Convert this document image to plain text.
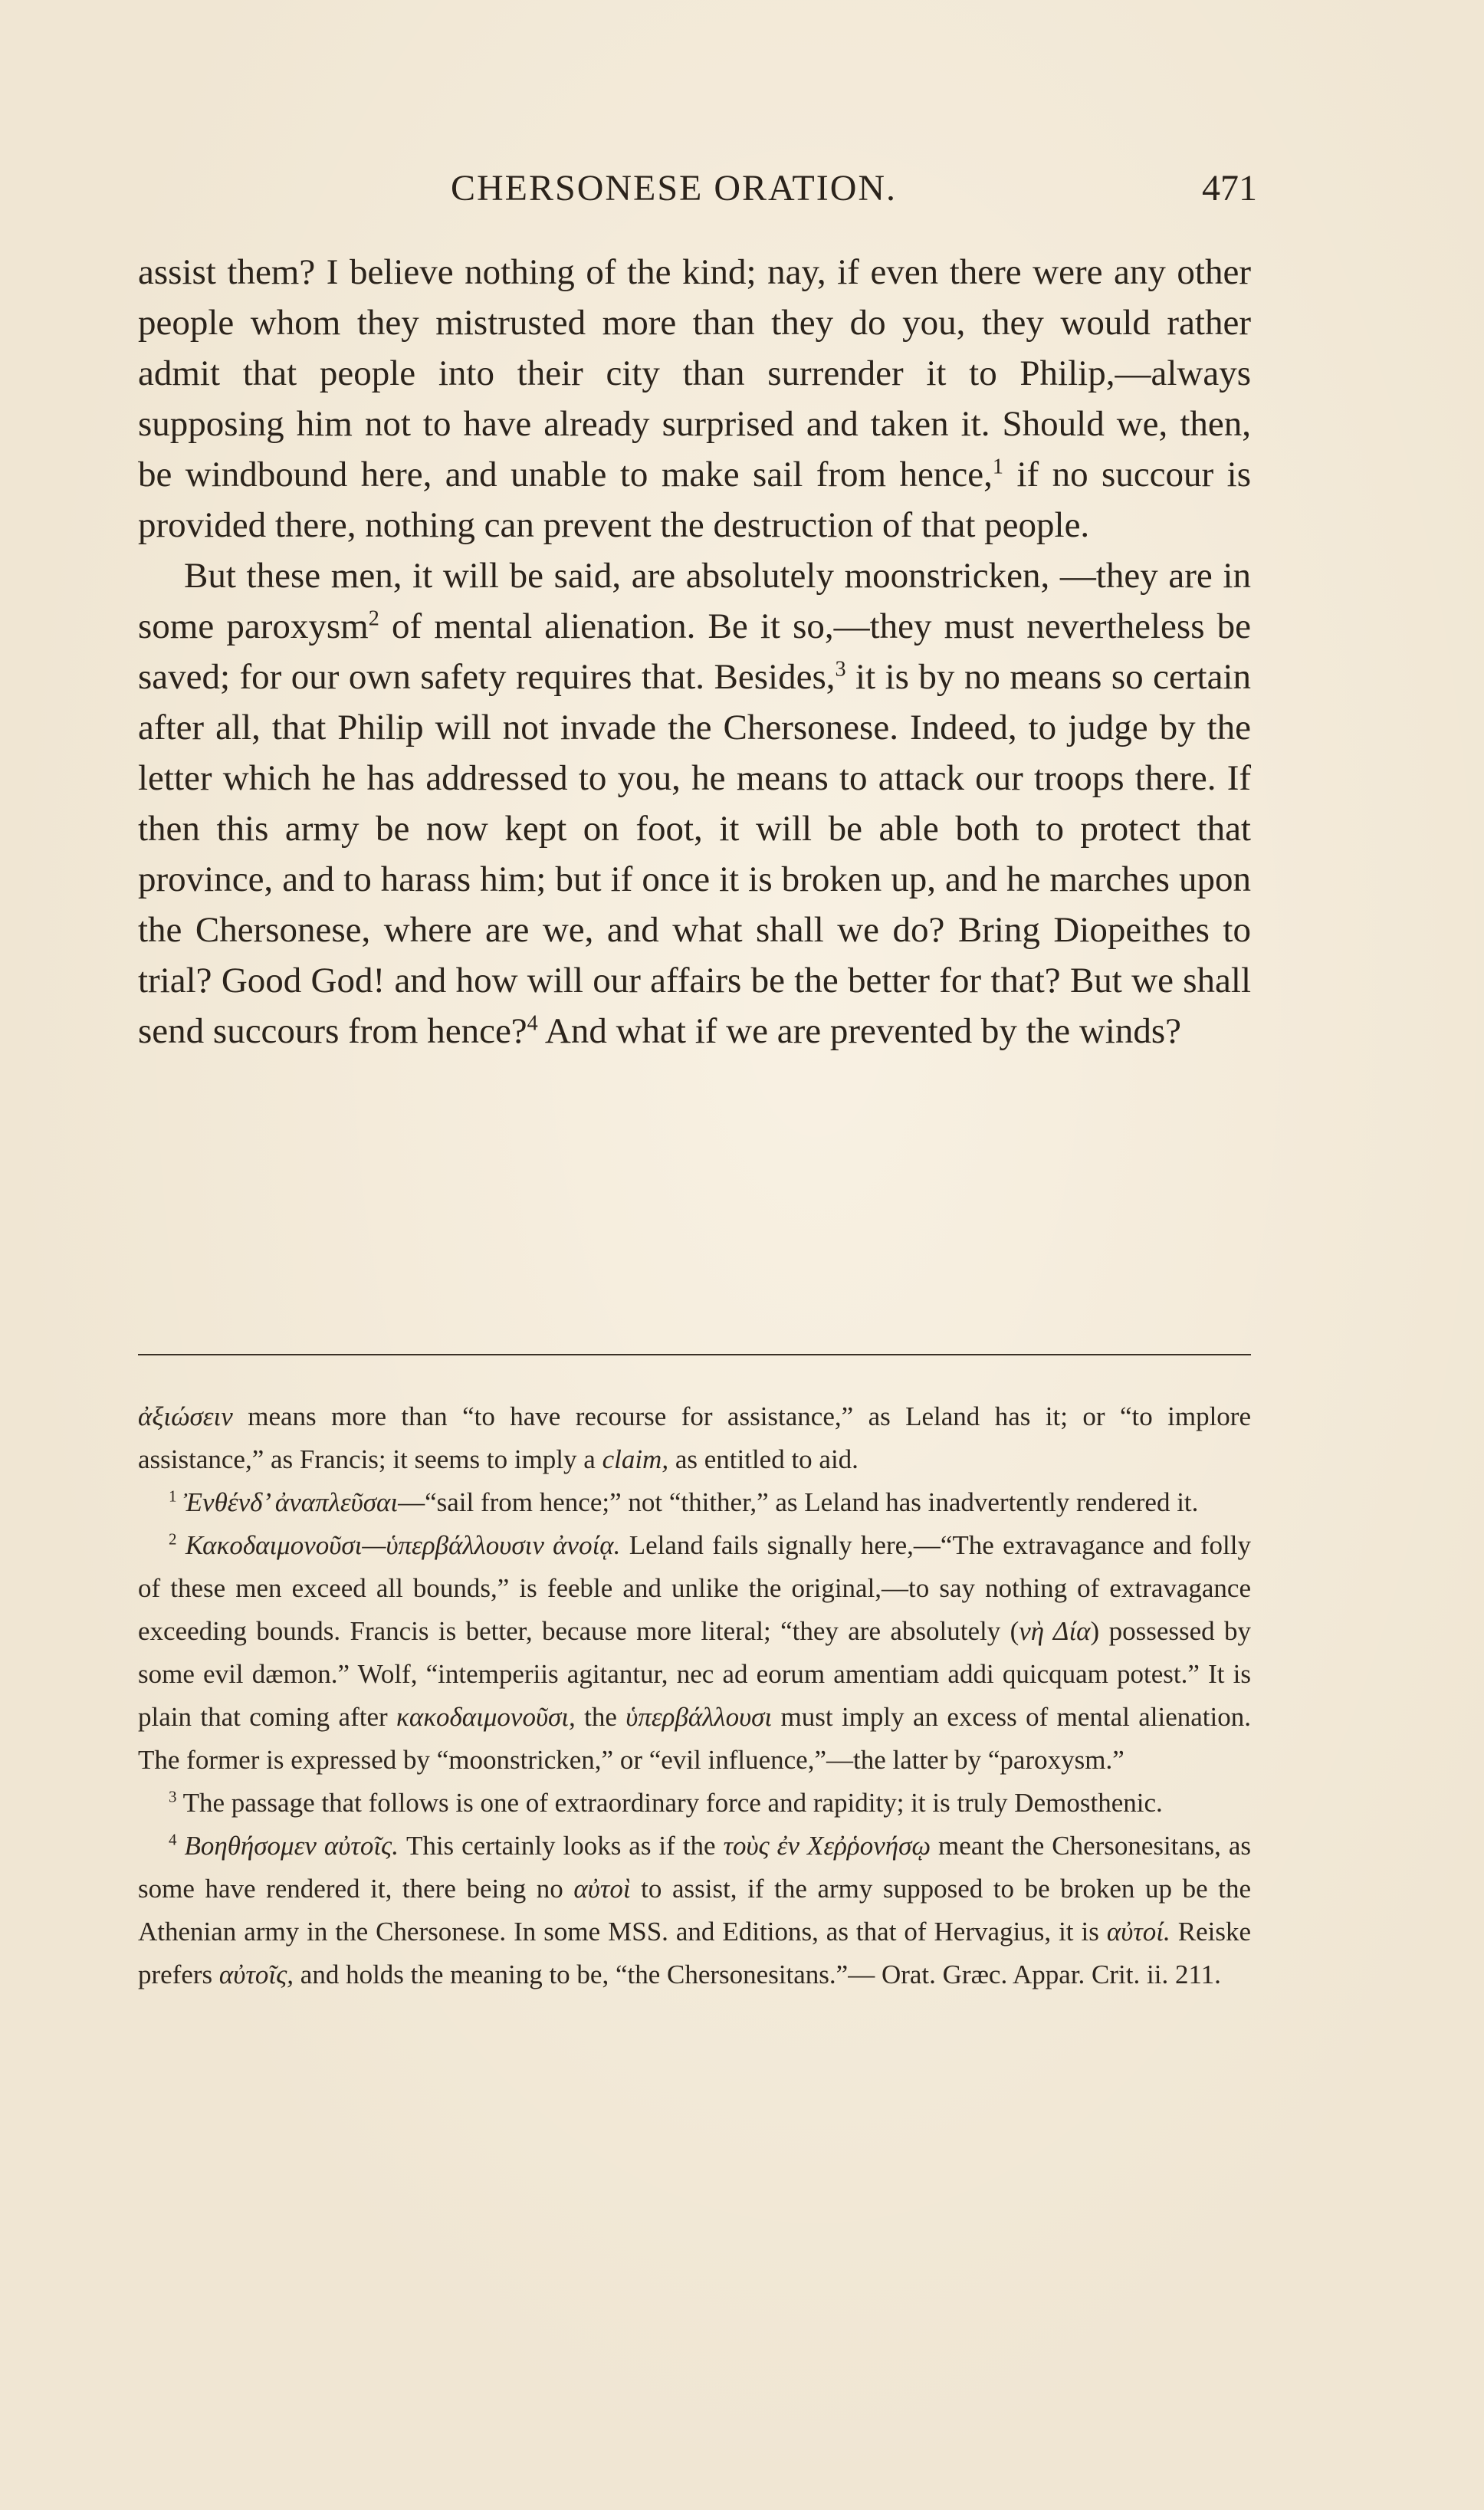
CHERSONESE ORATION.	471

assist them? I believe nothing of the kind; nay, if even there were any other people whom they mistrusted more than they do you, they would rather admit that people into their city than surrender it to Philip,—always supposing him not to have already surprised and taken it. Should we, then, be windbound here, and unable to make sail from hence,$^1$ if no succour is provided there, nothing can prevent the destruction of that people.

But these men, it will be said, are absolutely moonstricken, —they are in some paroxysm$^2$ of mental alienation. Be it so,—they must nevertheless be saved; for our own safety requires that. Besides,$^3$ it is by no means so certain after all, that Philip will not invade the Chersonese. Indeed, to judge by the letter which he has addressed to you, he means to attack our troops there. If then this army be now kept on foot, it will be able both to protect that province, and to harass him; but if once it is broken up, and he marches upon the Chersonese, where are we, and what shall we do? Bring Diopeithes to trial? Good God! and how will our affairs be the better for that? But we shall send succours from hence?$^4$ And what if we are prevented by the winds?

ἀξιώσειν means more than “to have recourse for assistance,” as Leland has it; or “to implore assistance,” as Francis; it seems to imply a claim, as entitled to aid.

$^1$ Ἐνθένδ’ ἀναπλεῦσαι—“sail from hence;” not “thither,” as Leland has inadvertently rendered it.

$^2$ Κακοδαιμονοῦσι—ὑπερβάλλουσιν ἀνοίᾳ. Leland fails signally here,—“The extravagance and folly of these men exceed all bounds,” is feeble and unlike the original,—to say nothing of extravagance exceeding bounds. Francis is better, because more literal; “they are absolutely (νὴ Δία) possessed by some evil dæmon.” Wolf, “intemperiis agitantur, nec ad eorum amentiam addi quicquam potest.” It is plain that coming after κακοδαιμονοῦσι, the ὑπερβάλλουσι must imply an excess of mental alienation. The former is expressed by “moonstricken,” or “evil influence,”—the latter by “paroxysm.”

$^3$ The passage that follows is one of extraordinary force and rapidity; it is truly Demosthenic.

$^4$ Βοηθήσομεν αὐτοῖς. This certainly looks as if the τοὺς ἐν Χεῤῥονήσῳ meant the Chersonesitans, as some have rendered it, there being no αὐτοὶ to assist, if the army supposed to be broken up be the Athenian army in the Chersonese. In some MSS. and Editions, as that of Hervagius, it is αὐτοί. Reiske prefers αὐτοῖς, and holds the meaning to be, “the Chersonesitans.”— Orat. Græc. Appar. Crit. ii. 211.
